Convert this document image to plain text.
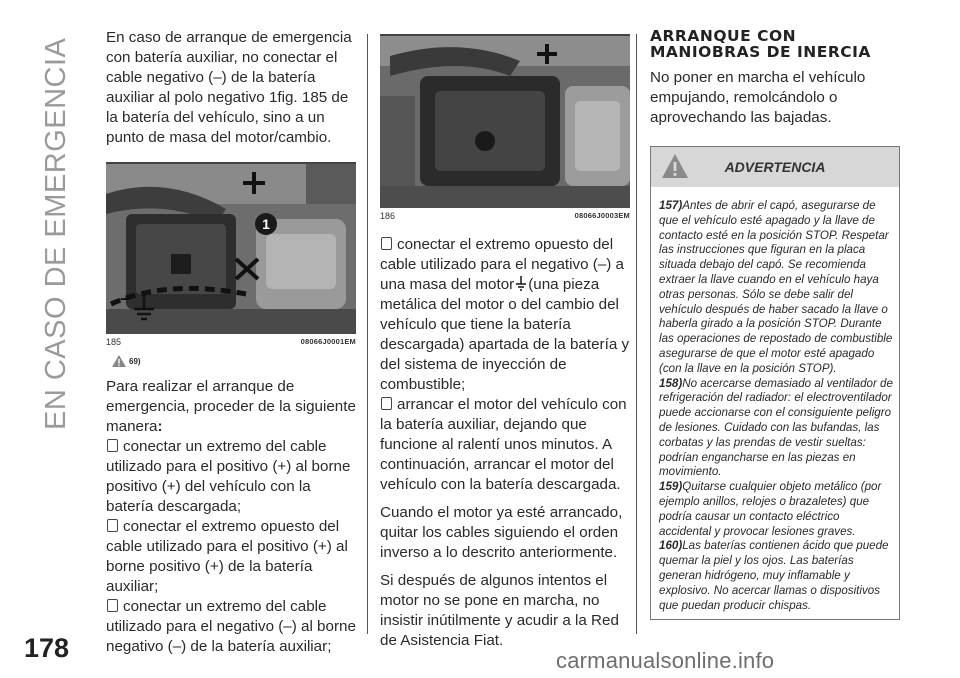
EN CASO DE EMERGENCIA
178	carmanualsonline.info

En caso de arranque de emergencia con batería auxiliar, no conectar el cable negativo (–) de la batería auxiliar al polo negativo 1fig. 185 de la batería del vehículo, sino a un punto de masa del motor/cambio.

1
–
185	08066J0001EM
69)

Para realizar el arranque de emergencia, proceder de la siguiente manera:

conectar un extremo del cable utilizado para el positivo (+) al borne positivo (+) del vehículo con la batería descargada;
conectar el extremo opuesto del cable utilizado para el positivo (+) al borne positivo (+) de la batería auxiliar;
conectar un extremo del cable utilizado para el negativo (–) al borne negativo (–) de la batería auxiliar;
186	08066J0003EM
conectar el extremo opuesto del cable utilizado para el negativo (–) a una masa del motor (una pieza metálica del motor o del cambio del vehículo que tiene la batería descargada) apartada de la batería y del sistema de inyección de combustible;
arrancar el motor del vehículo con la batería auxiliar, dejando que funcione al ralentí unos minutos. A continuación, arrancar el motor del vehículo con la batería descargada.

Cuando el motor ya esté arrancado, quitar los cables siguiendo el orden inverso a lo descrito anteriormente.

Si después de algunos intentos el motor no se pone en marcha, no insistir inútilmente y acudir a la Red de Asistencia Fiat.

ARRANQUE CON
MANIOBRAS DE INERCIA

No poner en marcha el vehículo empujando, remolcándolo o aprovechando las bajadas.

ADVERTENCIA
157)Antes de abrir el capó, asegurarse de que el vehículo esté apagado y la llave de contacto esté en la posición STOP. Respetar las instrucciones que figuran en la placa situada debajo del capó. Se recomienda extraer la llave cuando en el vehículo haya otras personas. Sólo se debe salir del vehículo después de haber sacado la llave o haberla girado a la posición STOP. Durante las operaciones de repostado de combustible asegurarse de que el motor esté apagado (con la llave en la posición STOP).
158)No acercarse demasiado al ventilador de refrigeración del radiador: el electroventilador puede accionarse con el consiguiente peligro de lesiones. Cuidado con las bufandas, las corbatas y las prendas de vestir sueltas: podrían engancharse en las piezas en movimiento.
159)Quitarse cualquier objeto metálico (por ejemplo anillos, relojes o brazaletes) que podría causar un contacto eléctrico accidental y provocar lesiones graves.
160)Las baterías contienen ácido que puede quemar la piel y los ojos. Las baterías generan hidrógeno, muy inflamable y explosivo. No acercar llamas o dispositivos que puedan producir chispas.
